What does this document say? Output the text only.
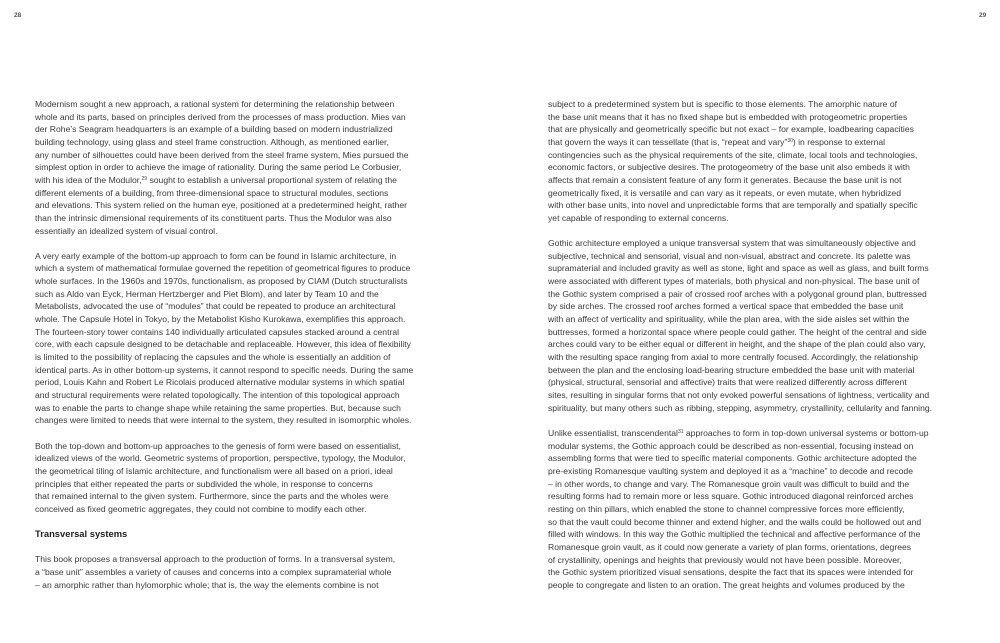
28	29

Modernism sought a new approach, a rational system for determining the relationship between
whole and its parts, based on principles derived from the processes of mass production. Mies van
der Rohe’s Seagram headquarters is an example of a building based on modern industrialized
building technology, using glass and steel frame construction. Although, as mentioned earlier,
any number of silhouettes could have been derived from the steel frame system, Mies pursued the
simplest option in order to achieve the image of rationality. During the same period Le Corbusier,
with his idea of the Modulor,$^{29}$ sought to establish a universal proportional system of relating the
different elements of a building, from three-dimensional space to structural modules, sections
and elevations. This system relied on the human eye, positioned at a predetermined height, rather
than the intrinsic dimensional requirements of its constituent parts. Thus the Modulor was also
essentially an idealized system of visual control.

A very early example of the bottom-up approach to form can be found in Islamic architecture, in
which a system of mathematical formulae governed the repetition of geometrical figures to produce
whole surfaces. In the 1960s and 1970s, functionalism, as proposed by CIAM (Dutch structuralists
such as Aldo van Eyck, Herman Hertzberger and Piet Blom), and later by Team 10 and the
Metabolists, advocated the use of “modules” that could be repeated to produce an architectural
whole. The Capsule Hotel in Tokyo, by the Metabolist Kisho Kurokawa, exemplifies this approach.
The fourteen-story tower contains 140 individually articulated capsules stacked around a central
core, with each capsule designed to be detachable and replaceable. However, this idea of flexibility
is limited to the possibility of replacing the capsules and the whole is essentially an addition of
identical parts. As in other bottom-up systems, it cannot respond to specific needs. During the same
period, Louis Kahn and Robert Le Ricolais produced alternative modular systems in which spatial
and structural requirements were related topologically. The intention of this topological approach
was to enable the parts to change shape while retaining the same properties. But, because such
changes were limited to needs that were internal to the system, they resulted in isomorphic wholes.

Both the top-down and bottom-up approaches to the genesis of form were based on essentialist,
idealized views of the world. Geometric systems of proportion, perspective, typology, the Modulor,
the geometrical tiling of Islamic architecture, and functionalism were all based on a priori, ideal
principles that either repeated the parts or subdivided the whole, in response to concerns
that remained internal to the given system. Furthermore, since the parts and the wholes were
conceived as fixed geometric aggregates, they could not combine to modify each other.

Transversal systems

This book proposes a transversal approach to the production of forms. In a transversal system,
a “base unit” assembles a variety of causes and concerns into a complex supramaterial whole
– an amorphic rather than hylomorphic whole; that is, the way the elements combine is not

subject to a predetermined system but is specific to those elements. The amorphic nature of
the base unit means that it has no fixed shape but is embedded with protogeometric properties
that are physically and geometrically specific but not exact – for example, loadbearing capacities
that govern the ways it can tessellate (that is, “repeat and vary”$^{30}$) in response to external
contingencies such as the physical requirements of the site, climate, local tools and technologies,
economic factors, or subjective desires. The protogeometry of the base unit also embeds it with
affects that remain a consistent feature of any form it generates. Because the base unit is not
geometrically fixed, it is versatile and can vary as it repeats, or even mutate, when hybridized
with other base units, into novel and unpredictable forms that are temporally and spatially specific
yet capable of responding to external concerns.

Gothic architecture employed a unique transversal system that was simultaneously objective and
subjective, technical and sensorial, visual and non-visual, abstract and concrete. Its palette was
supramaterial and included gravity as well as stone, light and space as well as glass, and built forms
were associated with different types of materials, both physical and non-physical. The base unit of
the Gothic system comprised a pair of crossed roof arches with a polygonal ground plan, buttressed
by side arches. The crossed roof arches formed a vertical space that embedded the base unit
with an affect of verticality and spirituality, while the plan area, with the side aisles set within the
buttresses, formed a horizontal space where people could gather. The height of the central and side
arches could vary to be either equal or different in height, and the shape of the plan could also vary,
with the resulting space ranging from axial to more centrally focused. Accordingly, the relationship
between the plan and the enclosing load-bearing structure embedded the base unit with material
(physical, structural, sensorial and affective) traits that were realized differently across different
sites, resulting in singular forms that not only evoked powerful sensations of lightness, verticality and
spirituality, but many others such as ribbing, stepping, asymmetry, crystallinity, cellularity and fanning.

Unlike essentialist, transcendental$^{31}$ approaches to form in top-down universal systems or bottom-up
modular systems, the Gothic approach could be described as non-essential, focusing instead on
assembling forms that were tied to specific material components. Gothic architecture adopted the
pre-existing Romanesque vaulting system and deployed it as a “machine” to decode and recode
– in other words, to change and vary. The Romanesque groin vault was difficult to build and the
resulting forms had to remain more or less square. Gothic introduced diagonal reinforced arches
resting on thin pillars, which enabled the stone to channel compressive forces more efficiently,
so that the vault could become thinner and extend higher, and the walls could be hollowed out and
filled with windows. In this way the Gothic multiplied the technical and affective performance of the
Romanesque groin vault, as it could now generate a variety of plan forms, orientations, degrees
of crystallinity, openings and heights that previously would not have been possible. Moreover,
the Gothic system prioritized visual sensations, despite the fact that its spaces were intended for
people to congregate and listen to an oration. The great heights and volumes produced by the
